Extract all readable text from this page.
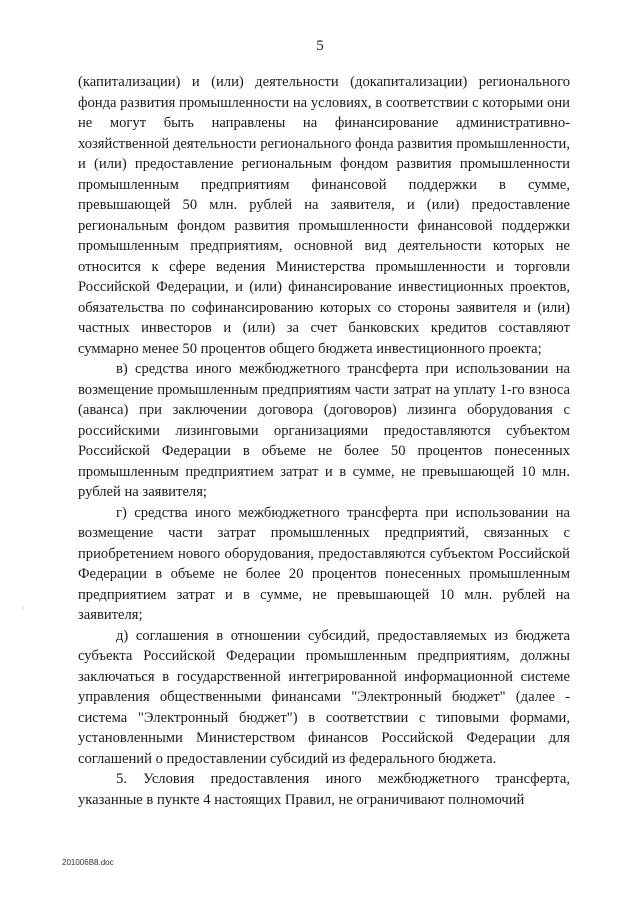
5

(капитализации) и (или) деятельности (докапитализации) регионального фонда развития промышленности на условиях, в соответствии с которыми они не могут быть направлены на финансирование административно-хозяйственной деятельности регионального фонда развития промышленности, и (или) предоставление региональным фондом развития промышленности промышленным предприятиям финансовой поддержки в сумме, превышающей 50 млн. рублей на заявителя, и (или) предоставление региональным фондом развития промышленности финансовой поддержки промышленным предприятиям, основной вид деятельности которых не относится к сфере ведения Министерства промышленности и торговли Российской Федерации, и (или) финансирование инвестиционных проектов, обязательства по софинансированию которых со стороны заявителя и (или) частных инвесторов и (или) за счет банковских кредитов составляют суммарно менее 50 процентов общего бюджета инвестиционного проекта;

в) средства иного межбюджетного трансферта при использовании на возмещение промышленным предприятиям части затрат на уплату 1-го взноса (аванса) при заключении договора (договоров) лизинга оборудования с российскими лизинговыми организациями предоставляются субъектом Российской Федерации в объеме не более 50 процентов понесенных промышленным предприятием затрат и в сумме, не превышающей 10 млн. рублей на заявителя;

г) средства иного межбюджетного трансферта при использовании на возмещение части затрат промышленных предприятий, связанных с приобретением нового оборудования, предоставляются субъектом Российской Федерации в объеме не более 20 процентов понесенных промышленным предприятием затрат и в сумме, не превышающей 10 млн. рублей на заявителя;

д) соглашения в отношении субсидий, предоставляемых из бюджета субъекта Российской Федерации промышленным предприятиям, должны заключаться в государственной интегрированной информационной системе управления общественными финансами "Электронный бюджет" (далее - система "Электронный бюджет") в соответствии с типовыми формами, установленными Министерством финансов Российской Федерации для соглашений о предоставлении субсидий из федерального бюджета.

5. Условия предоставления иного межбюджетного трансферта, указанные в пункте 4 настоящих Правил, не ограничивают полномочий

·
201006B8.doc
